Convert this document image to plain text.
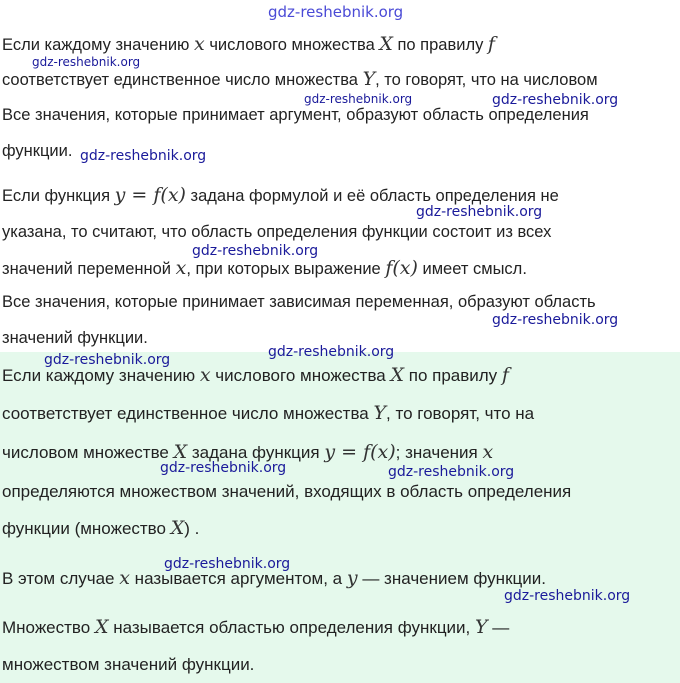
Если каждому значению x числового множества X по правилу f
соответствует единственное число множества Y, то говорят, что на числовом
Все значения, которые принимает аргумент, образуют область определения
функции.
Если функция y = f(x) задана формулой и её область определения не
указана, то считают, что область определения функции состоит из всех
значений переменной x, при которых выражение f(x) имеет смысл.
Все значения, которые принимает зависимая переменная, образуют область
значений функции.
Если каждому значению x числового множества X по правилу f
соответствует единственное число множества Y, то говорят, что на
числовом множестве X задана функция y = f(x); значения x
определяются множеством значений, входящих в область определения
функции (множество X) .
В этом случае x называется аргументом, а y — значением функции.
Множество X называется областью определения функции, Y —
множеством значений функции.
gdz-reshebnik.org
gdz-reshebnik.org
gdz-reshebnik.org	gdz-reshebnik.org
gdz-reshebnik.org
gdz-reshebnik.org
gdz-reshebnik.org
gdz-reshebnik.org
gdz-reshebnik.org
gdz-reshebnik.org
gdz-reshebnik.org	gdz-reshebnik.org
gdz-reshebnik.org
gdz-reshebnik.org
